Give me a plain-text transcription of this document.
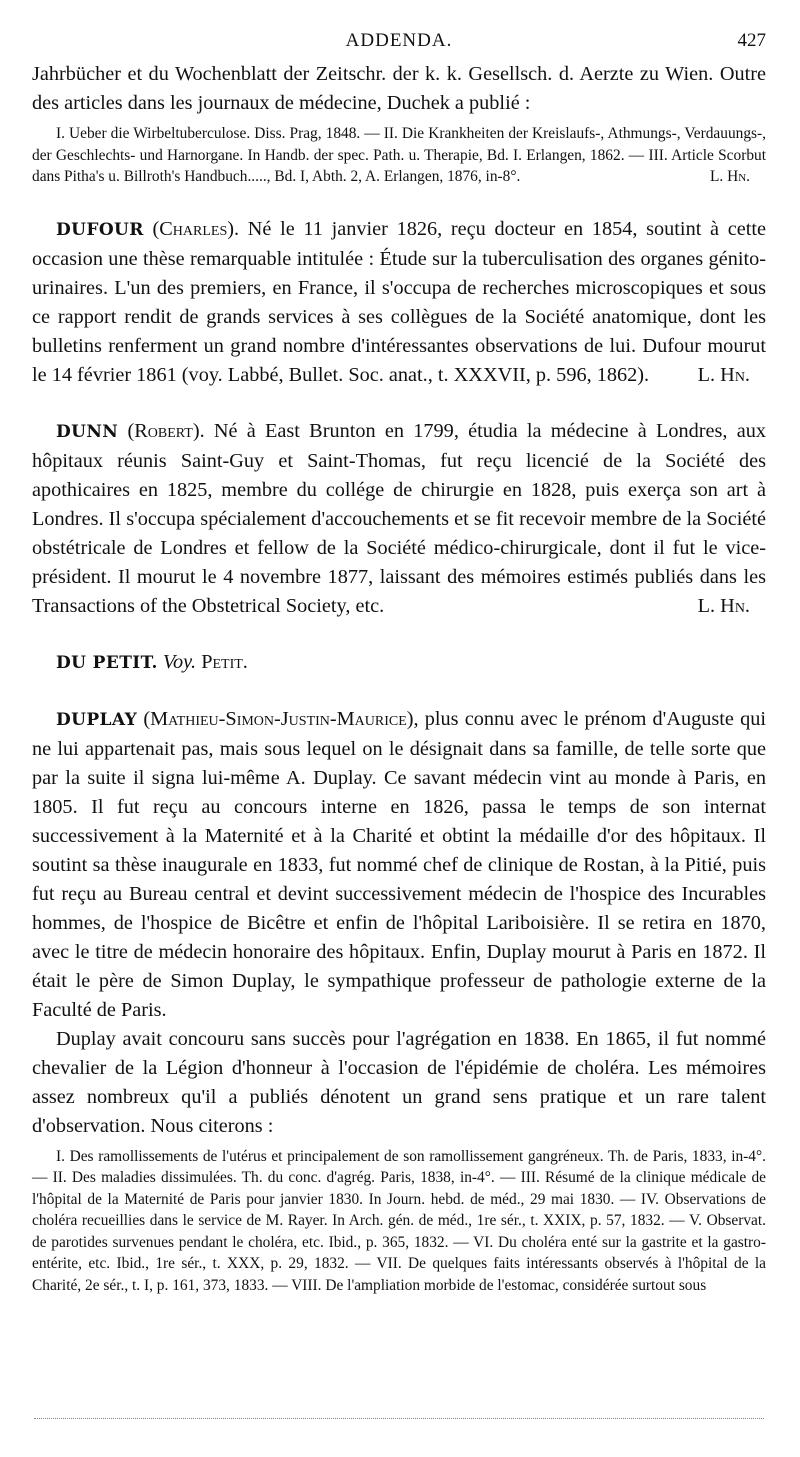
ADDENDA.	427

Jahrbücher et du Wochenblatt der Zeitschr. der k. k. Gesellsch. d. Aerzte zu Wien. Outre des articles dans les journaux de médecine, Duchek a publié :

I. Ueber die Wirbeltuberculose. Diss. Prag, 1848. — II. Die Krankheiten der Kreislaufs-, Athmungs-, Verdauungs-, der Geschlechts- und Harnorgane. In Handb. der spec. Path. u. Therapie, Bd. I. Erlangen, 1862. — III. Article Scorbut dans Pitha's u. Billroth's Handbuch....., Bd. I, Abth. 2, A. Erlangen, 1876, in-8°.	L. Hn.

DUFOUR (Charles). Né le 11 janvier 1826, reçu docteur en 1854, soutint à cette occasion une thèse remarquable intitulée : Étude sur la tuberculisation des organes génito-urinaires. L'un des premiers, en France, il s'occupa de recherches microscopiques et sous ce rapport rendit de grands services à ses collègues de la Société anatomique, dont les bulletins renferment un grand nombre d'intéressantes observations de lui. Dufour mourut le 14 février 1861 (voy. Labbé, Bullet. Soc. anat., t. XXXVII, p. 596, 1862).	L. Hn.

DUNN (Robert). Né à East Brunton en 1799, étudia la médecine à Londres, aux hôpitaux réunis Saint-Guy et Saint-Thomas, fut reçu licencié de la Société des apothicaires en 1825, membre du collége de chirurgie en 1828, puis exerça son art à Londres. Il s'occupa spécialement d'accouchements et se fit recevoir membre de la Société obstétricale de Londres et fellow de la Société médico-chirurgicale, dont il fut le vice-président. Il mourut le 4 novembre 1877, laissant des mémoires estimés publiés dans les Transactions of the Obstetrical Society, etc.	L. Hn.

DU PETIT. Voy. Petit.

DUPLAY (Mathieu-Simon-Justin-Maurice), plus connu avec le prénom d'Auguste qui ne lui appartenait pas, mais sous lequel on le désignait dans sa famille, de telle sorte que par la suite il signa lui-même A. Duplay. Ce savant médecin vint au monde à Paris, en 1805. Il fut reçu au concours interne en 1826, passa le temps de son internat successivement à la Maternité et à la Charité et obtint la médaille d'or des hôpitaux. Il soutint sa thèse inaugurale en 1833, fut nommé chef de clinique de Rostan, à la Pitié, puis fut reçu au Bureau central et devint successivement médecin de l'hospice des Incurables hommes, de l'hospice de Bicêtre et enfin de l'hôpital Lariboisière. Il se retira en 1870, avec le titre de médecin honoraire des hôpitaux. Enfin, Duplay mourut à Paris en 1872. Il était le père de Simon Duplay, le sympathique professeur de pathologie externe de la Faculté de Paris.

Duplay avait concouru sans succès pour l'agrégation en 1838. En 1865, il fut nommé chevalier de la Légion d'honneur à l'occasion de l'épidémie de choléra. Les mémoires assez nombreux qu'il a publiés dénotent un grand sens pratique et un rare talent d'observation. Nous citerons :

I. Des ramollissements de l'utérus et principalement de son ramollissement gangréneux. Th. de Paris, 1833, in-4°. — II. Des maladies dissimulées. Th. du conc. d'agrég. Paris, 1838, in-4°. — III. Résumé de la clinique médicale de l'hôpital de la Maternité de Paris pour janvier 1830. In Journ. hebd. de méd., 29 mai 1830. — IV. Observations de choléra recueillies dans le service de M. Rayer. In Arch. gén. de méd., 1re sér., t. XXIX, p. 57, 1832. — V. Observat. de parotides survenues pendant le choléra, etc. Ibid., p. 365, 1832. — VI. Du choléra enté sur la gastrite et la gastro-entérite, etc. Ibid., 1re sér., t. XXX, p. 29, 1832. — VII. De quelques faits intéressants observés à l'hôpital de la Charité, 2e sér., t. I, p. 161, 373, 1833. — VIII. De l'ampliation morbide de l'estomac, considérée surtout sous
